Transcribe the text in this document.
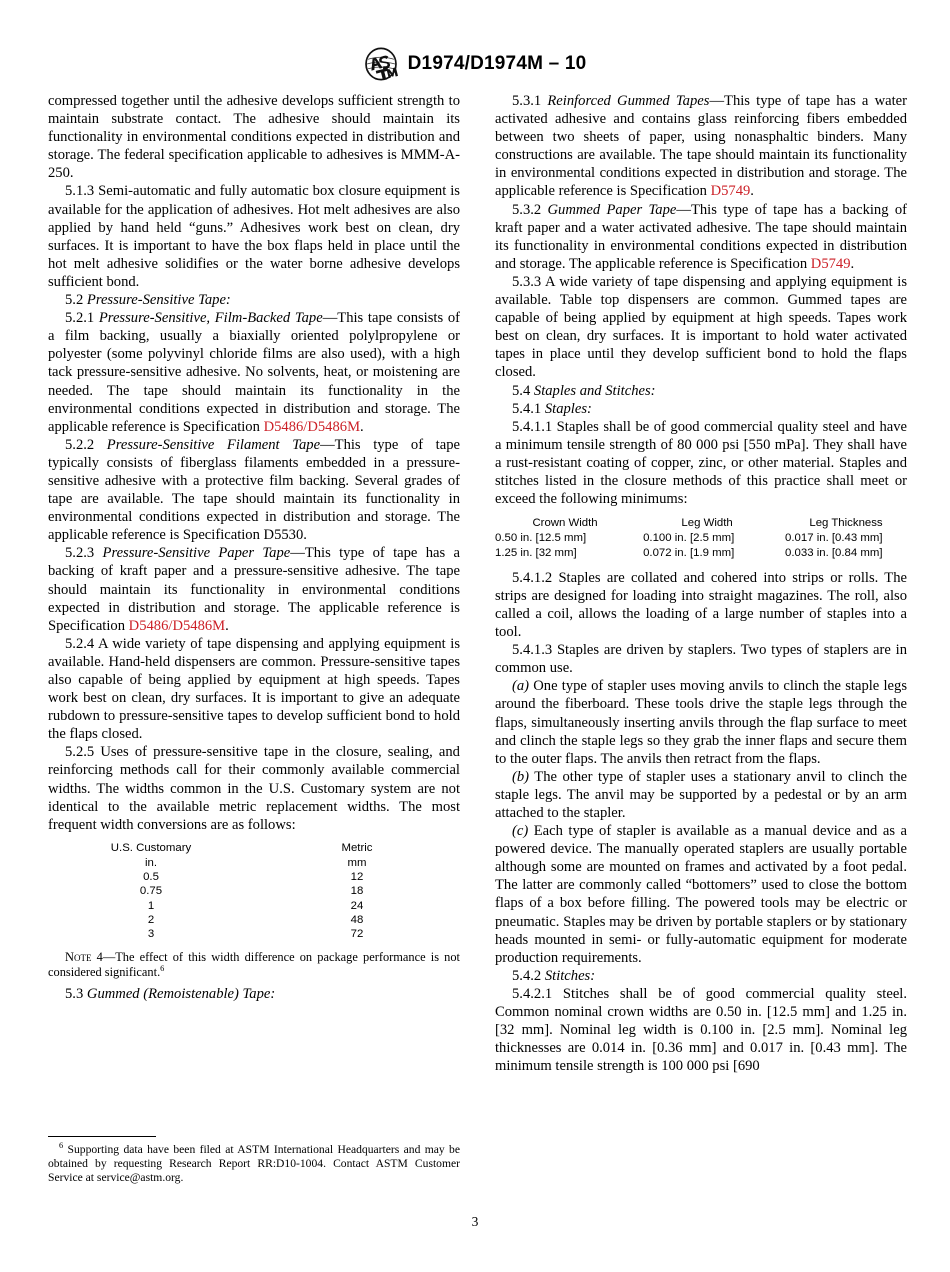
D1974/D1974M – 10

compressed together until the adhesive develops sufficient strength to maintain substrate contact. The adhesive should maintain its functionality in environmental conditions expected in distribution and storage. The federal specification applicable to adhesives is MMM-A-250.

5.1.3 Semi-automatic and fully automatic box closure equipment is available for the application of adhesives. Hot melt adhesives are also applied by hand held “guns.” Adhesives work best on clean, dry surfaces. It is important to have the box flaps held in place until the hot melt adhesive solidifies or the water borne adhesive develops sufficient bond.

5.2 Pressure-Sensitive Tape:

5.2.1 Pressure-Sensitive, Film-Backed Tape—This tape consists of a film backing, usually a biaxially oriented polylpropylene or polyester (some polyvinyl chloride films are also used), with a high tack pressure-sensitive adhesive. No solvents, heat, or moistening are needed. The tape should maintain its functionality in the environmental conditions expected in distribution and storage. The applicable reference is Specification D5486/D5486M.

5.2.2 Pressure-Sensitive Filament Tape—This type of tape typically consists of fiberglass filaments embedded in a pressure-sensitive adhesive with a protective film backing. Several grades of tape are available. The tape should maintain its functionality in environmental conditions expected in distribution and storage. The applicable reference is Specification D5530.

5.2.3 Pressure-Sensitive Paper Tape—This type of tape has a backing of kraft paper and a pressure-sensitive adhesive. The tape should maintain its functionality in environmental conditions expected in distribution and storage. The applicable reference is Specification D5486/D5486M.

5.2.4 A wide variety of tape dispensing and applying equipment is available. Hand-held dispensers are common. Pressure-sensitive tapes also capable of being applied by equipment at high speeds. Tapes work best on clean, dry surfaces. It is important to give an adequate rubdown to pressure-sensitive tapes to develop sufficient bond to hold the flaps closed.

5.2.5 Uses of pressure-sensitive tape in the closure, sealing, and reinforcing methods call for their commonly available commercial widths. The widths common in the U.S. Customary system are not identical to the available metric replacement widths. The most frequent width conversions are as follows:

U.S. Customary	Metric
in.	mm
0.5	12
0.75	18
1	24
2	48
3	72

Note 4—The effect of this width difference on package performance is not considered significant.$^6$

5.3 Gummed (Remoistenable) Tape:

5.3.1 Reinforced Gummed Tapes—This type of tape has a water activated adhesive and contains glass reinforcing fibers embedded between two sheets of paper, using nonasphaltic binders. Many constructions are available. The tape should maintain its functionality in environmental conditions expected in distribution and storage. The applicable reference is Specification D5749.

5.3.2 Gummed Paper Tape—This type of tape has a backing of kraft paper and a water activated adhesive. The tape should maintain its functionality in environmental conditions expected in distribution and storage. The applicable reference is Specification D5749.

5.3.3 A wide variety of tape dispensing and applying equipment is available. Table top dispensers are common. Gummed tapes are capable of being applied by equipment at high speeds. Tapes work best on clean, dry surfaces. It is important to hold water activated tapes in place until they develop sufficient bond to hold the flaps closed.

5.4 Staples and Stitches:

5.4.1 Staples:

5.4.1.1 Staples shall be of good commercial quality steel and have a minimum tensile strength of 80 000 psi [550 mPa]. They shall have a rust-resistant coating of copper, zinc, or other material. Staples and stitches listed in the closure methods of this practice shall meet or exceed the following minimums:

Crown Width	Leg Width	Leg Thickness
0.50 in. [12.5 mm]	0.100 in. [2.5 mm]	0.017 in. [0.43 mm]
1.25 in. [32 mm]	0.072 in. [1.9 mm]	0.033 in. [0.84 mm]

5.4.1.2 Staples are collated and cohered into strips or rolls. The strips are designed for loading into straight magazines. The roll, also called a coil, allows the loading of a large number of staples into a tool.

5.4.1.3 Staples are driven by staplers. Two types of staplers are in common use.

(a) One type of stapler uses moving anvils to clinch the staple legs around the fiberboard. These tools drive the staple legs through the flaps, simultaneously inserting anvils through the flap surface to meet and clinch the staple legs so they grab the inner flaps and secure them to the outer flaps. The anvils then retract from the flaps.

(b) The other type of stapler uses a stationary anvil to clinch the staple legs. The anvil may be supported by a pedestal or by an arm attached to the stapler.

(c) Each type of stapler is available as a manual device and as a powered device. The manually operated staplers are usually portable although some are mounted on frames and activated by a foot pedal. The latter are commonly called “bottomers” used to close the bottom flaps of a box before filling. The powered tools may be electric or pneumatic. Staples may be driven by portable staplers or by stationary heads mounted in semi- or fully-automatic equipment for moderate production requirements.

5.4.2 Stitches:

5.4.2.1 Stitches shall be of good commercial quality steel. Common nominal crown widths are 0.50 in. [12.5 mm] and 1.25 in. [32 mm]. Nominal leg width is 0.100 in. [2.5 mm]. Nominal leg thicknesses are 0.014 in. [0.36 mm] and 0.017 in. [0.43 mm]. The minimum tensile strength is 100 000 psi [690

$^6$ Supporting data have been filed at ASTM International Headquarters and may be obtained by requesting Research Report RR:D10-1004. Contact ASTM Customer Service at service@astm.org.

3
